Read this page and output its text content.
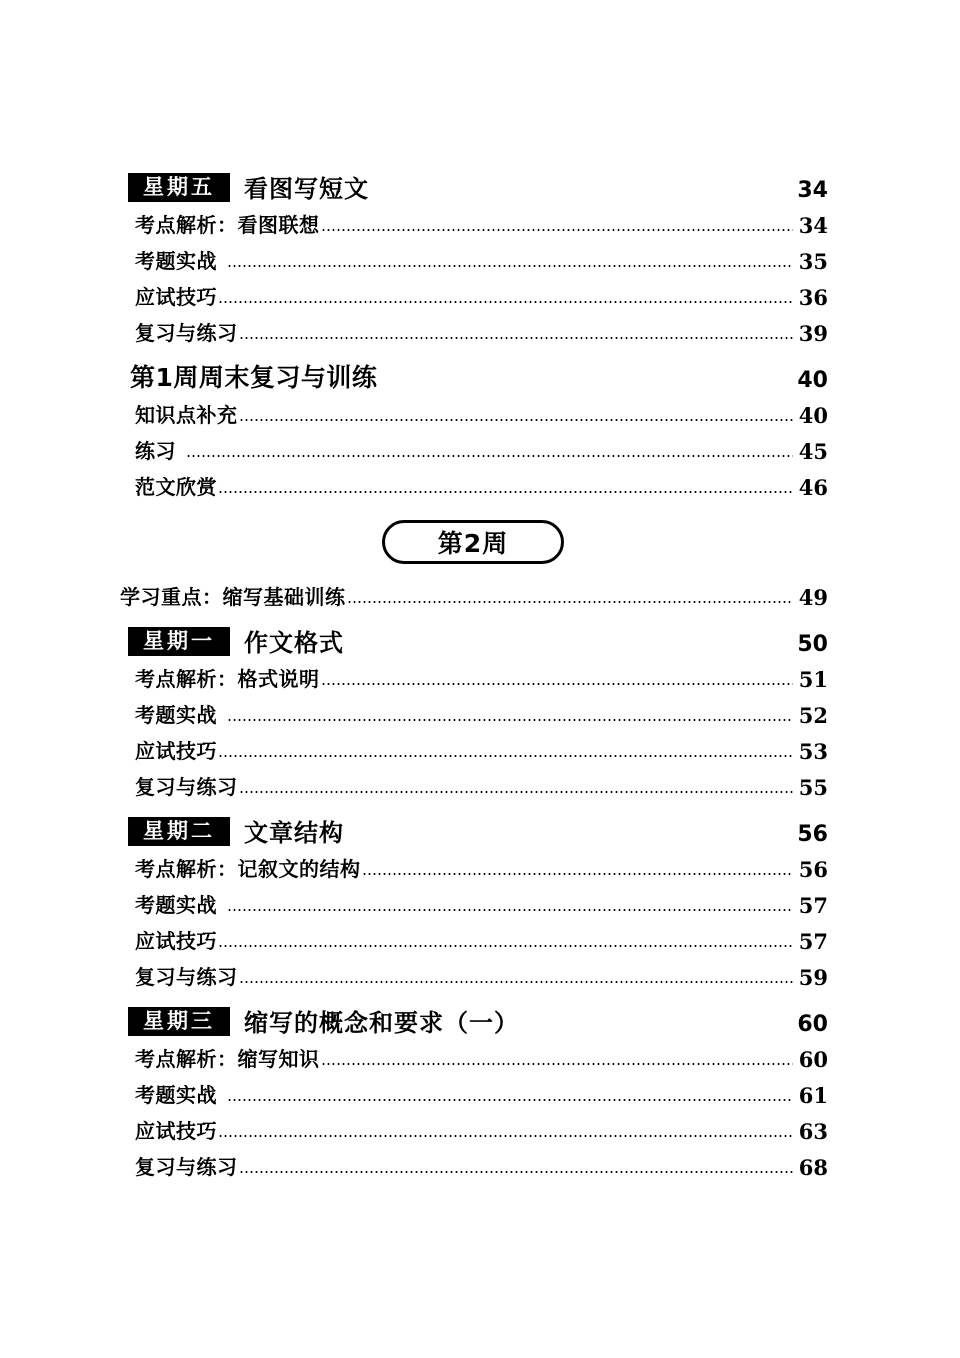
星期五	看图写短文	34
考点解析：看图联想	34
考题实战	35
应试技巧	36
复习与练习	39
第1周周末复习与训练	40
知识点补充	40
练习	45
范文欣赏	46
第2周
学习重点：缩写基础训练	49
星期一	作文格式	50
考点解析：格式说明	51
考题实战	52
应试技巧	53
复习与练习	55
星期二	文章结构	56
考点解析：记叙文的结构	56
考题实战	57
应试技巧	57
复习与练习	59
星期三	缩写的概念和要求（一）	60
考点解析：缩写知识	60
考题实战	61
应试技巧	63
复习与练习	68
